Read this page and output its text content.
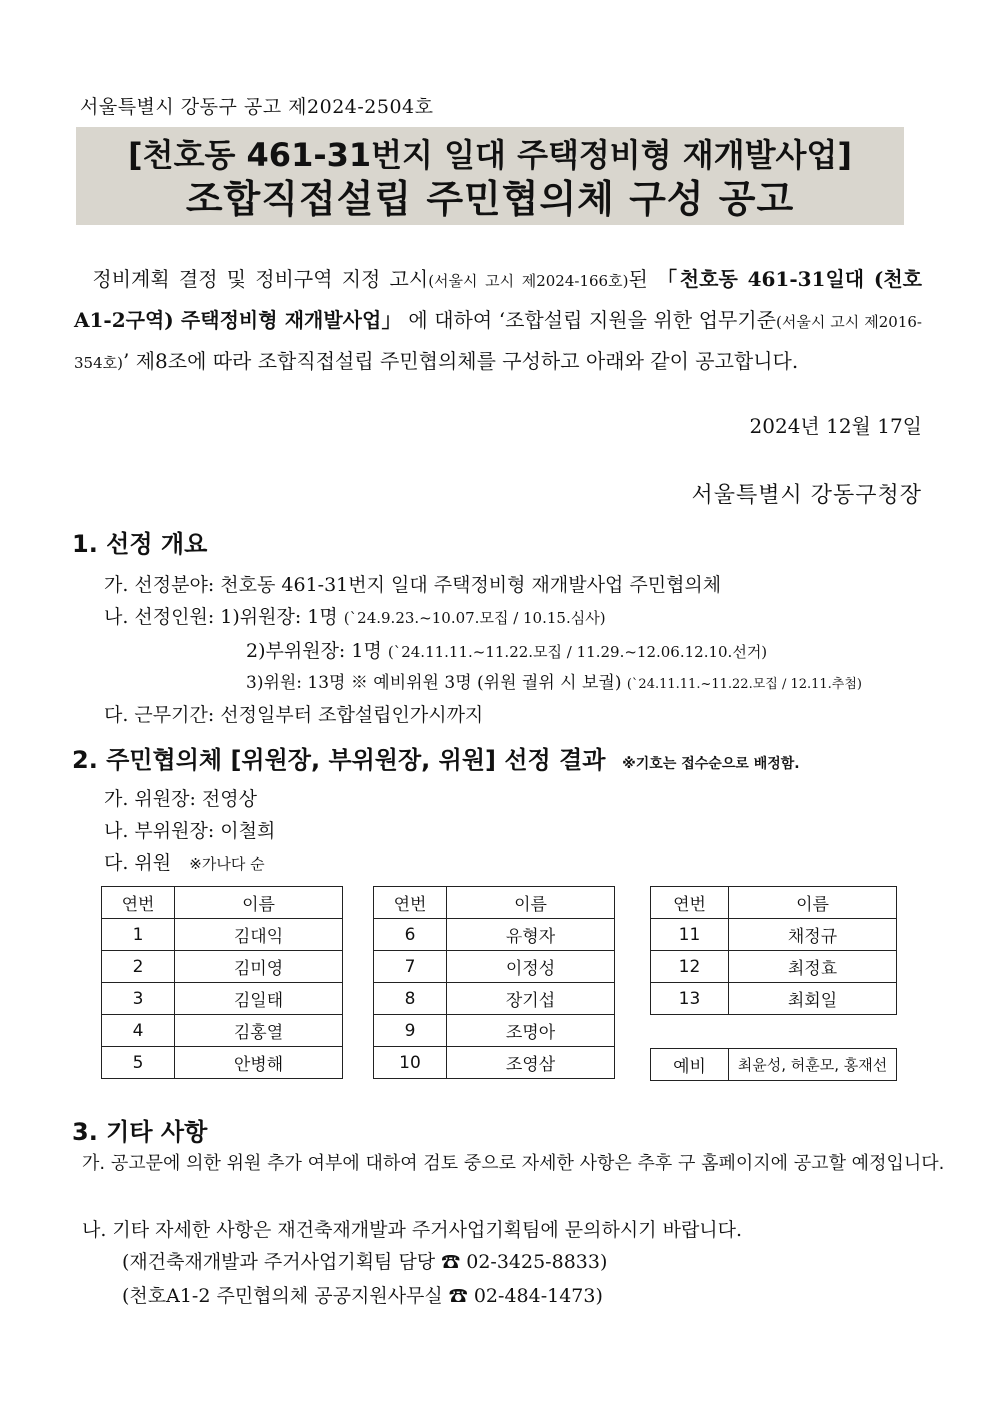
서울특별시 강동구 공고 제2024-2504호
[천호동 461-31번지 일대 주택정비형 재개발사업]
조합직접설립 주민협의체 구성 공고
정비계획 결정 및 정비구역 지정 고시(서울시 고시 제2024-166호)된 「천호동 461-31일대 (천호A1-2구역) 주택정비형 재개발사업」 에 대하여 ‘조합설립 지원을 위한 업무기준(서울시 고시 제2016-354호)’ 제8조에 따라 조합직접설립 주민협의체를 구성하고 아래와 같이 공고합니다.
2024년 12월 17일
서울특별시 강동구청장
1. 선정 개요
가. 선정분야: 천호동 461-31번지 일대 주택정비형 재개발사업 주민협의체
나. 선정인원: 1)위원장: 1명 (`24.9.23.~10.07.모집 / 10.15.심사)
2)부위원장: 1명 (`24.11.11.~11.22.모집 / 11.29.~12.06.12.10.선거)
3)위원: 13명 ※ 예비위원 3명 (위원 궐위 시 보궐) (`24.11.11.~11.22.모집 / 12.11.추첨)
다. 근무기간: 선정일부터 조합설립인가시까지
2. 주민협의체 [위원장, 부위원장, 위원] 선정 결과 ※기호는 접수순으로 배정함.
가. 위원장: 전영상
나. 부위원장: 이철희
다. 위원 ※가나다 순
연번	이름
1	김대익
2	김미영
3	김일태
4	김홍열
5	안병해
연번	이름
6	유형자
7	이정성
8	장기섭
9	조명아
10	조영삼
연번	이름
11	채정규
12	최정효
13	최회일
예비	최윤성, 허훈모, 홍재선
3. 기타 사항
가. 공고문에 의한 위원 추가 여부에 대하여 검토 중으로 자세한 사항은 추후 구 홈페이지에 공고할 예정입니다.
나. 기타 자세한 사항은 재건축재개발과 주거사업기획팀에 문의하시기 바랍니다.
(재건축재개발과 주거사업기획팀 담당 ☎ 02-3425-8833)
(천호A1-2 주민협의체 공공지원사무실 ☎ 02-484-1473)
